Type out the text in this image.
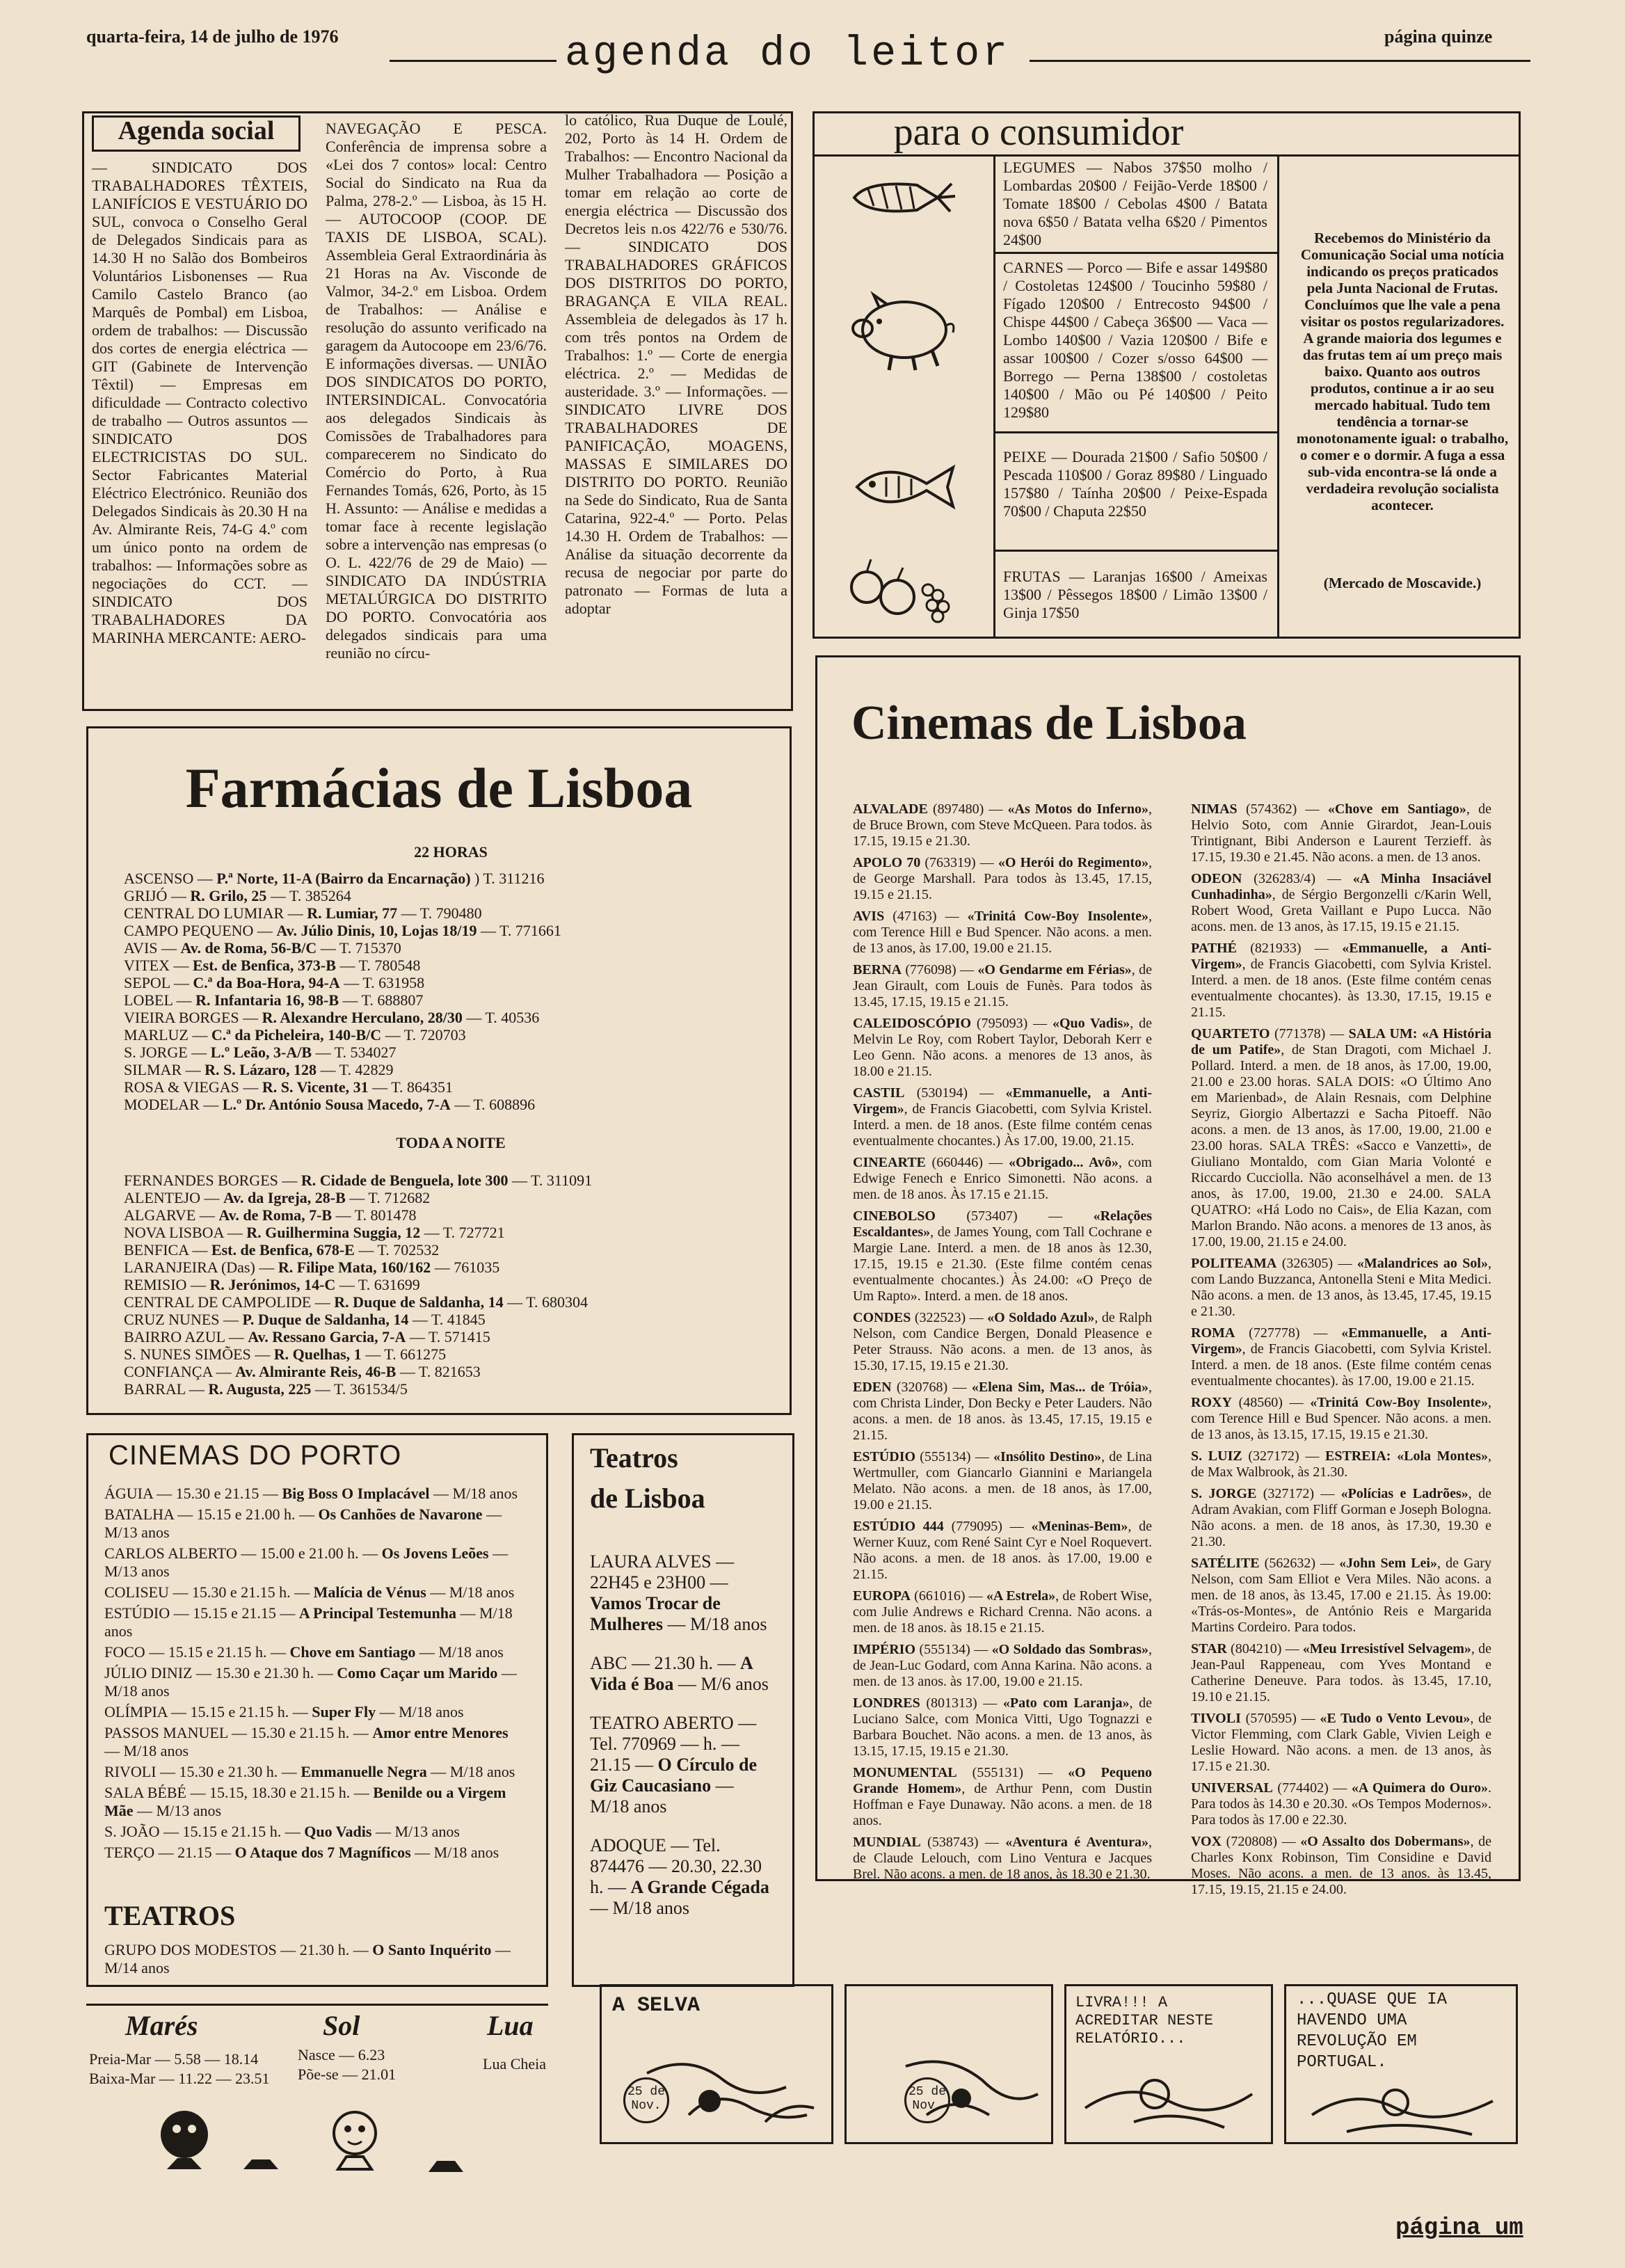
quarta-feira, 14 de julho de 1976	agenda do leitor	página quinze
Agenda social
— SINDICATO DOS TRABALHADORES TÊXTEIS, LANIFÍCIOS E VESTUÁRIO DO SUL, convoca o Conselho Geral de Delegados Sindicais para as 14.30 H no Salão dos Bombeiros Voluntários Lisbonenses — Rua Camilo Castelo Branco (ao Marquês de Pombal) em Lisboa, ordem de trabalhos: — Discussão dos cortes de energia eléctrica — GIT (Gabinete de Intervenção Têxtil) — Empresas em dificuldade — Contracto colectivo de trabalho — Outros assuntos — SINDICATO DOS ELECTRICISTAS DO SUL. Sector Fabricantes Material Eléctrico Electrónico. Reunião dos Delegados Sindicais às 20.30 H na Av. Almirante Reis, 74-G 4.º com um único ponto na ordem de trabalhos: — Informações sobre as negociações do CCT. — SINDICATO DOS TRABALHADORES DA MARINHA MERCANTE: AERO-
NAVEGAÇÃO E PESCA. Conferência de imprensa sobre a «Lei dos 7 contos» local: Centro Social do Sindicato na Rua da Palma, 278-2.º — Lisboa, às 15 H. — AUTOCOOP (COOP. DE TAXIS DE LISBOA, SCAL). Assembleia Geral Extraordinária às 21 Horas na Av. Visconde de Valmor, 34-2.º em Lisboa. Ordem de Trabalhos: — Análise e resolução do assunto verificado na garagem da Autocoope em 23/6/76. E informações diversas. — UNIÃO DOS SINDICATOS DO PORTO, INTERSINDICAL. Convocatória aos delegados Sindicais às Comissões de Trabalhadores para comparecerem no Sindicato do Comércio do Porto, à Rua Fernandes Tomás, 626, Porto, às 15 H. Assunto: — Análise e medidas a tomar face à recente legislação sobre a intervenção nas empresas (o O. L. 422/76 de 29 de Maio) — SINDICATO DA INDÚSTRIA METALÚRGICA DO DISTRITO DO PORTO. Convocatória aos delegados sindicais para uma reunião no círcu-
lo católico, Rua Duque de Loulé, 202, Porto às 14 H. Ordem de Trabalhos: — Encontro Nacional da Mulher Trabalhadora — Posição a tomar em relação ao corte de energia eléctrica — Discussão dos Decretos leis n.os 422/76 e 530/76. — SINDICATO DOS TRABALHADORES GRÁFICOS DOS DISTRITOS DO PORTO, BRAGANÇA E VILA REAL. Assembleia de delegados às 17 h. com três pontos na Ordem de Trabalhos: 1.º — Corte de energia eléctrica. 2.º — Medidas de austeridade. 3.º — Informações. — SINDICATO LIVRE DOS TRABALHADORES DE PANIFICAÇÃO, MOAGENS, MASSAS E SIMILARES DO DISTRITO DO PORTO. Reunião na Sede do Sindicato, Rua de Santa Catarina, 922-4.º — Porto. Pelas 14.30 H. Ordem de Trabalhos: — Análise da situação decorrente da recusa de negociar por parte do patronato — Formas de luta a adoptar
para o consumidor
LEGUMES — Nabos 37$50 molho / Lombardas 20$00 / Feijão-Verde 18$00 / Tomate 18$00 / Cebolas 4$00 / Batata nova 6$50 / Batata velha 6$20 / Pimentos 24$00
CARNES — Porco — Bife e assar 149$80 / Costoletas 124$00 / Toucinho 59$80 / Fígado 120$00 / Entrecosto 94$00 / Chispe 44$00 / Cabeça 36$00 — Vaca — Lombo 140$00 / Vazia 120$00 / Bife e assar 100$00 / Cozer s/osso 64$00 — Borrego — Perna 138$00 / costoletas 140$00 / Mão ou Pé 140$00 / Peito 129$80
PEIXE — Dourada 21$00 / Safio 50$00 / Pescada 110$00 / Goraz 89$80 / Linguado 157$80 / Taínha 20$00 / Peixe-Espada 70$00 / Chaputa 22$50
FRUTAS — Laranjas 16$00 / Ameixas 13$00 / Pêssegos 18$00 / Limão 13$00 / Ginja 17$50
Recebemos do Ministério da Comunicação Social uma notícia indicando os preços praticados pela Junta Nacional de Frutas. Concluímos que lhe vale a pena visitar os postos regularizadores. A grande maioria dos legumes e das frutas tem aí um preço mais baixo. Quanto aos outros produtos, continue a ir ao seu mercado habitual. Tudo tem tendência a tornar-se monotonamente igual: o trabalho, o comer e o dormir. A fuga a essa sub-vida encontra-se lá onde a verdadeira revolução socialista acontecer.
(Mercado de Moscavide.)
Farmácias de Lisboa
22 HORAS
ASCENSO — P.ª Norte, 11-A (Bairro da Encarnação) ) T. 311216
GRIJÓ — R. Grilo, 25 — T. 385264
CENTRAL DO LUMIAR — R. Lumiar, 77 — T. 790480
CAMPO PEQUENO — Av. Júlio Dinis, 10, Lojas 18/19 — T. 771661
AVIS — Av. de Roma, 56-B/C — T. 715370
VITEX — Est. de Benfica, 373-B — T. 780548
SEPOL — C.ª da Boa-Hora, 94-A — T. 631958
LOBEL — R. Infantaria 16, 98-B — T. 688807
VIEIRA BORGES — R. Alexandre Herculano, 28/30 — T. 40536
MARLUZ — C.ª da Picheleira, 140-B/C — T. 720703
S. JORGE — L.º Leão, 3-A/B — T. 534027
SILMAR — R. S. Lázaro, 128 — T. 42829
ROSA & VIEGAS — R. S. Vicente, 31 — T. 864351
MODELAR — L.º Dr. António Sousa Macedo, 7-A — T. 608896
TODA A NOITE
FERNANDES BORGES — R. Cidade de Benguela, lote 300 — T. 311091
ALENTEJO — Av. da Igreja, 28-B — T. 712682
ALGARVE — Av. de Roma, 7-B — T. 801478
NOVA LISBOA — R. Guilhermina Suggia, 12 — T. 727721
BENFICA — Est. de Benfica, 678-E — T. 702532
LARANJEIRA (Das) — R. Filipe Mata, 160/162 — 761035
REMISIO — R. Jerónimos, 14-C — T. 631699
CENTRAL DE CAMPOLIDE — R. Duque de Saldanha, 14 — T. 680304
CRUZ NUNES — P. Duque de Saldanha, 14 — T. 41845
BAIRRO AZUL — Av. Ressano Garcia, 7-A — T. 571415
S. NUNES SIMÕES — R. Quelhas, 1 — T. 661275
CONFIANÇA — Av. Almirante Reis, 46-B — T. 821653
BARRAL — R. Augusta, 225 — T. 361534/5
Cinemas de Lisboa
ALVALADE (897480) — «As Motos do Inferno», de Bruce Brown, com Steve McQueen. Para todos. às 17.15, 19.15 e 21.30.
APOLO 70 (763319) — «O Herói do Regimento», de George Marshall. Para todos às 13.45, 17.15, 19.15 e 21.15.
AVIS (47163) — «Trinitá Cow-Boy Insolente», com Terence Hill e Bud Spencer. Não acons. a men. de 13 anos, às 17.00, 19.00 e 21.15.
BERNA (776098) — «O Gendarme em Férias», de Jean Girault, com Louis de Funès. Para todos às 13.45, 17.15, 19.15 e 21.15.
CALEIDOSCÓPIO (795093) — «Quo Vadis», de Melvin Le Roy, com Robert Taylor, Deborah Kerr e Leo Genn. Não acons. a menores de 13 anos, às 18.00 e 21.15.
CASTIL (530194) — «Emmanuelle, a Anti-Virgem», de Francis Giacobetti, com Sylvia Kristel. Interd. a men. de 18 anos. (Este filme contém cenas eventualmente chocantes.) Às 17.00, 19.00, 21.15.
CINEARTE (660446) — «Obrigado... Avô», com Edwige Fenech e Enrico Simonetti. Não acons. a men. de 18 anos. Às 17.15 e 21.15.
CINEBOLSO (573407) — «Relações Escaldantes», de James Young, com Tall Cochrane e Margie Lane. Interd. a men. de 18 anos às 12.30, 17.15, 19.15 e 21.30. (Este filme contém cenas eventualmente chocantes.) Às 24.00: «O Preço de Um Rapto». Interd. a men. de 18 anos.
CONDES (322523) — «O Soldado Azul», de Ralph Nelson, com Candice Bergen, Donald Pleasence e Peter Strauss. Não acons. a men. de 13 anos, às 15.30, 17.15, 19.15 e 21.30.
EDEN (320768) — «Elena Sim, Mas... de Tróia», com Christa Linder, Don Becky e Peter Lauders. Não acons. a men. de 18 anos. às 13.45, 17.15, 19.15 e 21.15.
ESTÚDIO (555134) — «Insólito Destino», de Lina Wertmuller, com Giancarlo Giannini e Mariangela Melato. Não acons. a men. de 18 anos, às 17.00, 19.00 e 21.15.
ESTÚDIO 444 (779095) — «Meninas-Bem», de Werner Kuuz, com René Saint Cyr e Noel Roquevert. Não acons. a men. de 18 anos. às 17.00, 19.00 e 21.15.
EUROPA (661016) — «A Estrela», de Robert Wise, com Julie Andrews e Richard Crenna. Não acons. a men. de 18 anos. às 18.15 e 21.15.
IMPÉRIO (555134) — «O Soldado das Sombras», de Jean-Luc Godard, com Anna Karina. Não acons. a men. de 13 anos. às 17.00, 19.00 e 21.15.
LONDRES (801313) — «Pato com Laranja», de Luciano Salce, com Monica Vitti, Ugo Tognazzi e Barbara Bouchet. Não acons. a men. de 13 anos, às 13.15, 17.15, 19.15 e 21.30.
MONUMENTAL (555131) — «O Pequeno Grande Homem», de Arthur Penn, com Dustin Hoffman e Faye Dunaway. Não acons. a men. de 18 anos.
MUNDIAL (538743) — «Aventura é Aventura», de Claude Lelouch, com Lino Ventura e Jacques Brel. Não acons. a men. de 18 anos, às 18.30 e 21.30.
NIMAS (574362) — «Chove em Santiago», de Helvio Soto, com Annie Girardot, Jean-Louis Trintignant, Bibi Anderson e Laurent Terzieff. às 17.15, 19.30 e 21.45. Não acons. a men. de 13 anos.
ODEON (326283/4) — «A Minha Insaciável Cunhadinha», de Sérgio Bergonzelli c/Karin Well, Robert Wood, Greta Vaillant e Pupo Lucca. Não acons. men. de 13 anos, às 17.15, 19.15 e 21.15.
PATHÉ (821933) — «Emmanuelle, a Anti-Virgem», de Francis Giacobetti, com Sylvia Kristel. Interd. a men. de 18 anos. (Este filme contém cenas eventualmente chocantes). às 13.30, 17.15, 19.15 e 21.15.
QUARTETO (771378) — SALA UM: «A História de um Patife», de Stan Dragoti, com Michael J. Pollard. Interd. a men. de 18 anos, às 17.00, 19.00, 21.00 e 23.00 horas. SALA DOIS: «O Último Ano em Marienbad», de Alain Resnais, com Delphine Seyriz, Giorgio Albertazzi e Sacha Pitoeff. Não acons. a men. de 13 anos, às 17.00, 19.00, 21.00 e 23.00 horas. SALA TRÊS: «Sacco e Vanzetti», de Giuliano Montaldo, com Gian Maria Volonté e Riccardo Cucciolla. Não aconselhável a men. de 13 anos, às 17.00, 19.00, 21.30 e 24.00. SALA QUATRO: «Há Lodo no Cais», de Elia Kazan, com Marlon Brando. Não acons. a menores de 13 anos, às 17.00, 19.00, 21.15 e 24.00.
POLITEAMA (326305) — «Malandrices ao Sol», com Lando Buzzanca, Antonella Steni e Mita Medici. Não acons. a men. de 13 anos, às 13.45, 17.45, 19.15 e 21.30.
ROMA (727778) — «Emmanuelle, a Anti-Virgem», de Francis Giacobetti, com Sylvia Kristel. Interd. a men. de 18 anos. (Este filme contém cenas eventualmente chocantes). às 17.00, 19.00 e 21.15.
ROXY (48560) — «Trinitá Cow-Boy Insolente», com Terence Hill e Bud Spencer. Não acons. a men. de 13 anos, às 13.15, 17.15, 19.15 e 21.30.
S. LUIZ (327172) — ESTREIA: «Lola Montes», de Max Walbrook, às 21.30.
S. JORGE (327172) — «Polícias e Ladrões», de Adram Avakian, com Fliff Gorman e Joseph Bologna. Não acons. a men. de 18 anos, às 17.30, 19.30 e 21.30.
SATÉLITE (562632) — «John Sem Lei», de Gary Nelson, com Sam Elliot e Vera Miles. Não acons. a men. de 18 anos, às 13.45, 17.00 e 21.15. Às 19.00: «Trás-os-Montes», de António Reis e Margarida Martins Cordeiro. Para todos.
STAR (804210) — «Meu Irresistível Selvagem», de Jean-Paul Rappeneau, com Yves Montand e Catherine Deneuve. Para todos. às 13.45, 17.10, 19.10 e 21.15.
TIVOLI (570595) — «E Tudo o Vento Levou», de Victor Flemming, com Clark Gable, Vivien Leigh e Leslie Howard. Não acons. a men. de 13 anos, às 17.15 e 21.30.
UNIVERSAL (774402) — «A Quimera do Ouro». Para todos às 14.30 e 20.30. «Os Tempos Modernos». Para todos às 17.00 e 22.30.
VOX (720808) — «O Assalto dos Dobermans», de Charles Konx Robinson, Tim Considine e David Moses. Não acons. a men. de 13 anos. às 13.45, 17.15, 19.15, 21.15 e 24.00.
CINEMAS DO PORTO
ÁGUIA — 15.30 e 21.15 — Big Boss O Implacável — M/18 anos
BATALHA — 15.15 e 21.00 h. — Os Canhões de Navarone — M/13 anos
CARLOS ALBERTO — 15.00 e 21.00 h. — Os Jovens Leões — M/13 anos
COLISEU — 15.30 e 21.15 h. — Malícia de Vénus — M/18 anos
ESTÚDIO — 15.15 e 21.15 — A Principal Testemunha — M/18 anos
FOCO — 15.15 e 21.15 h. — Chove em Santiago — M/18 anos
JÚLIO DINIZ — 15.30 e 21.30 h. — Como Caçar um Marido — M/18 anos
OLÍMPIA — 15.15 e 21.15 h. — Super Fly — M/18 anos
PASSOS MANUEL — 15.30 e 21.15 h. — Amor entre Menores — M/18 anos
RIVOLI — 15.30 e 21.30 h. — Emmanuelle Negra — M/18 anos
SALA BÉBÉ — 15.15, 18.30 e 21.15 h. — Benilde ou a Virgem Mãe — M/13 anos
S. JOÃO — 15.15 e 21.15 h. — Quo Vadis — M/13 anos
TERÇO — 21.15 — O Ataque dos 7 Magníficos — M/18 anos
TEATROS
GRUPO DOS MODESTOS — 21.30 h. — O Santo Inquérito — M/14 anos
Teatros
de Lisboa
LAURA ALVES — 22H45 e 23H00 — Vamos Trocar de Mulheres — M/18 anos
ABC — 21.30 h. — A Vida é Boa — M/6 anos
TEATRO ABERTO — Tel. 770969 — h. — 21.15 — O Círculo de Giz Caucasiano — M/18 anos
ADOQUE — Tel. 874476 — 20.30, 22.30 h. — A Grande Cégada — M/18 anos
Marés	Sol	Lua
Preia-Mar — 5.58 — 18.14
Baixa-Mar — 11.22 — 23.51
Nasce — 6.23
Põe-se — 21.01
Lua Cheia
A SELVA	LIVRA!!! A ACREDITAR NESTE RELATÓRIO...
...QUASE QUE IA HAVENDO UMA REVOLUÇÃO EM PORTUGAL.
25 de Nov.
25 de Nov.
página um
